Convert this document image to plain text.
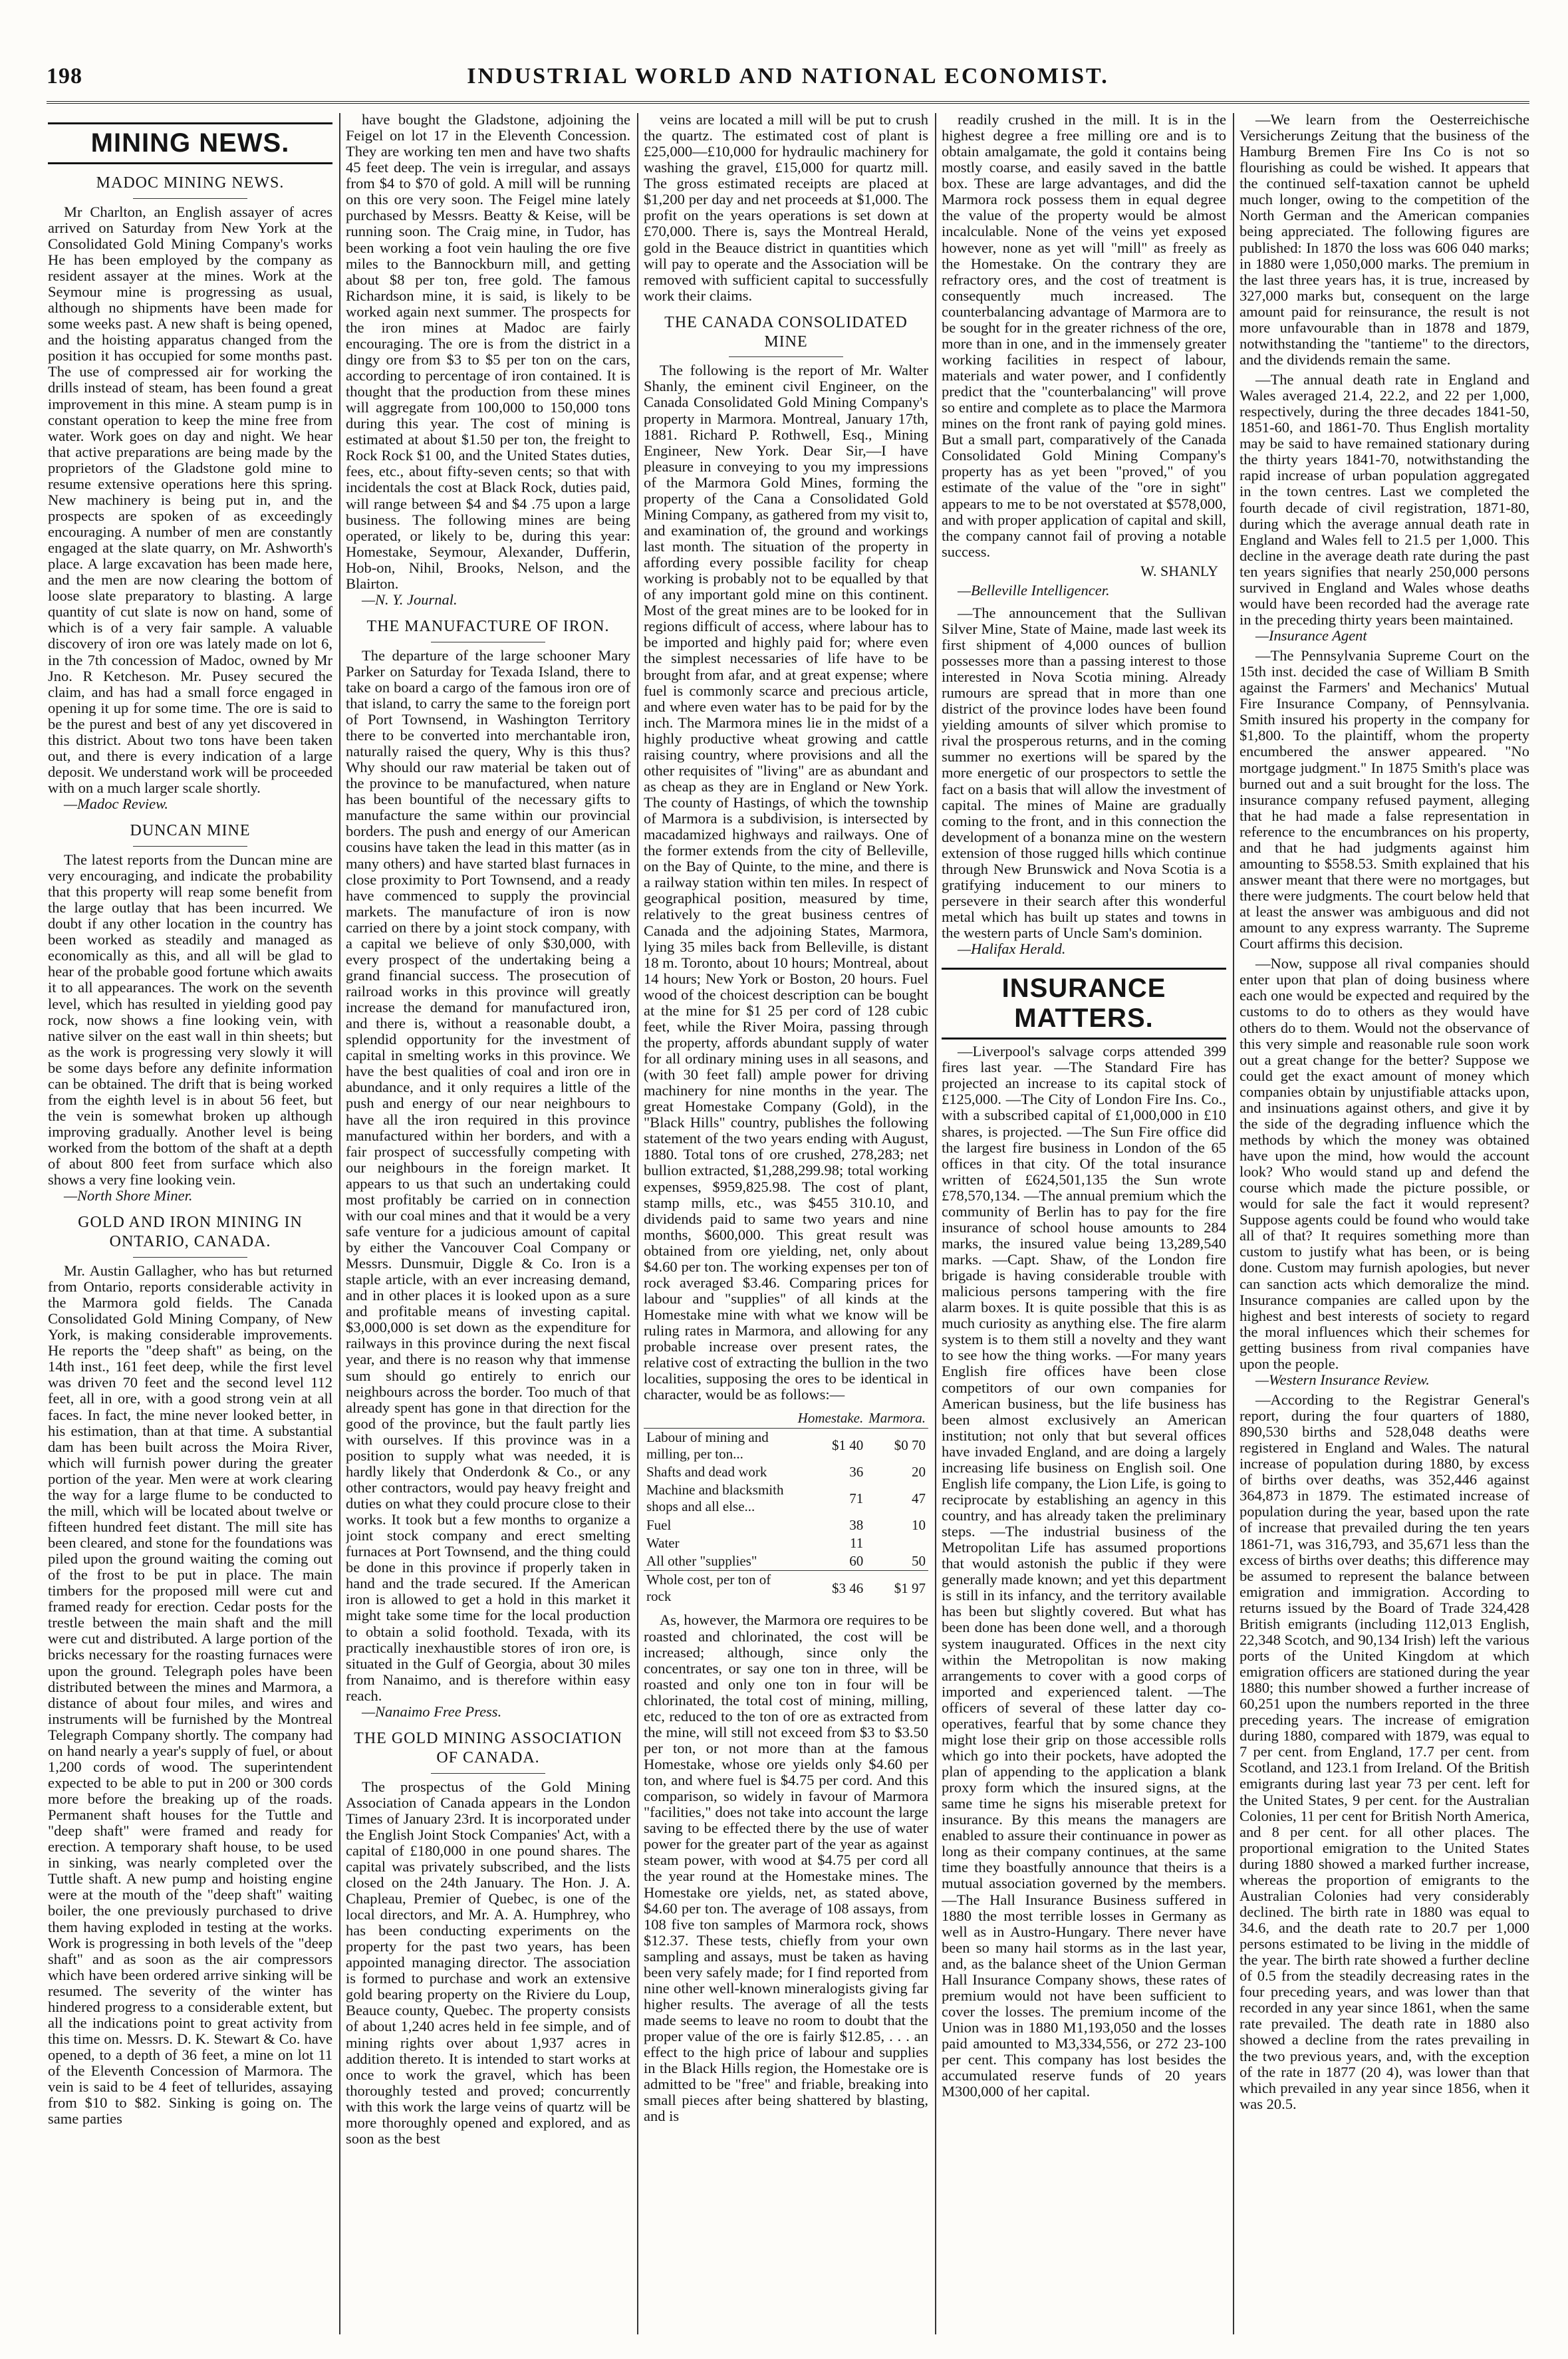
198	INDUSTRIAL WORLD AND NATIONAL ECONOMIST.
MINING NEWS.
MADOC MINING NEWS.

Mr Charlton, an English assayer of acres arrived on Saturday from New York at the Consolidated Gold Mining Company's works He has been employed by the company as resident assayer at the mines. Work at the Seymour mine is progressing as usual, although no shipments have been made for some weeks past. A new shaft is being opened, and the hoisting apparatus changed from the position it has occupied for some months past. The use of compressed air for working the drills instead of steam, has been found a great improvement in this mine. A steam pump is in constant operation to keep the mine free from water. Work goes on day and night. We hear that active preparations are being made by the proprietors of the Gladstone gold mine to resume extensive operations here this spring. New machinery is being put in, and the prospects are spoken of as exceedingly encouraging. A number of men are constantly engaged at the slate quarry, on Mr. Ashworth's place. A large excavation has been made here, and the men are now clearing the bottom of loose slate preparatory to blasting. A large quantity of cut slate is now on hand, some of which is of a very fair sample. A valuable discovery of iron ore was lately made on lot 6, in the 7th concession of Madoc, owned by Mr Jno. R Ketcheson. Mr. Pusey secured the claim, and has had a small force engaged in opening it up for some time. The ore is said to be the purest and best of any yet discovered in this district. About two tons have been taken out, and there is every indication of a large deposit. We understand work will be proceeded with on a much larger scale shortly.

—Madoc Review.

DUNCAN MINE

The latest reports from the Duncan mine are very encouraging, and indicate the probability that this property will reap some benefit from the large outlay that has been incurred. We doubt if any other location in the country has been worked as steadily and managed as economically as this, and all will be glad to hear of the probable good fortune which awaits it to all appearances. The work on the seventh level, which has resulted in yielding good pay rock, now shows a fine looking vein, with native silver on the east wall in thin sheets; but as the work is progressing very slowly it will be some days before any definite information can be obtained. The drift that is being worked from the eighth level is in about 56 feet, but the vein is somewhat broken up although improving gradually. Another level is being worked from the bottom of the shaft at a depth of about 800 feet from surface which also shows a very fine looking vein.

—North Shore Miner.

GOLD AND IRON MINING IN ONTARIO, CANADA.

Mr. Austin Gallagher, who has but returned from Ontario, reports considerable activity in the Marmora gold fields. The Canada Consolidated Gold Mining Company, of New York, is making considerable improvements. He reports the "deep shaft" as being, on the 14th inst., 161 feet deep, while the first level was driven 70 feet and the second level 112 feet, all in ore, with a good strong vein at all faces. In fact, the mine never looked better, in his estimation, than at that time. A substantial dam has been built across the Moira River, which will furnish power during the greater portion of the year. Men were at work clearing the way for a large flume to be conducted to the mill, which will be located about twelve or fifteen hundred feet distant. The mill site has been cleared, and stone for the foundations was piled upon the ground waiting the coming out of the frost to be put in place. The main timbers for the proposed mill were cut and framed ready for erection. Cedar posts for the trestle between the main shaft and the mill were cut and distributed. A large portion of the bricks necessary for the roasting furnaces were upon the ground. Telegraph poles have been distributed between the mines and Marmora, a distance of about four miles, and wires and instruments will be furnished by the Montreal Telegraph Company shortly. The company had on hand nearly a year's supply of fuel, or about 1,200 cords of wood. The superintendent expected to be able to put in 200 or 300 cords more before the breaking up of the roads. Permanent shaft houses for the Tuttle and "deep shaft" were framed and ready for erection. A temporary shaft house, to be used in sinking, was nearly completed over the Tuttle shaft. A new pump and hoisting engine were at the mouth of the "deep shaft" waiting boiler, the one previously purchased to drive them having exploded in testing at the works. Work is progressing in both levels of the "deep shaft" and as soon as the air compressors which have been ordered arrive sinking will be resumed. The severity of the winter has hindered progress to a considerable extent, but all the indications point to great activity from this time on. Messrs. D. K. Stewart & Co. have opened, to a depth of 36 feet, a mine on lot 11 of the Eleventh Concession of Marmora. The vein is said to be 4 feet of tellurides, assaying from $10 to $82. Sinking is going on. The same parties

have bought the Gladstone, adjoining the Feigel on lot 17 in the Eleventh Concession. They are working ten men and have two shafts 45 feet deep. The vein is irregular, and assays from $4 to $70 of gold. A mill will be running on this ore very soon. The Feigel mine lately purchased by Messrs. Beatty & Keise, will be running soon. The Craig mine, in Tudor, has been working a foot vein hauling the ore five miles to the Bannockburn mill, and getting about $8 per ton, free gold. The famous Richardson mine, it is said, is likely to be worked again next summer. The prospects for the iron mines at Madoc are fairly encouraging. The ore is from the district in a dingy ore from $3 to $5 per ton on the cars, according to percentage of iron contained. It is thought that the production from these mines will aggregate from 100,000 to 150,000 tons during this year. The cost of mining is estimated at about $1.50 per ton, the freight to Rock Rock $1 00, and the United States duties, fees, etc., about fifty-seven cents; so that with incidentals the cost at Black Rock, duties paid, will range between $4 and $4 .75 upon a large business. The following mines are being operated, or likely to be, during this year: Homestake, Seymour, Alexander, Dufferin, Hob-on, Nihil, Brooks, Nelson, and the Blairton.

—N. Y. Journal.

THE MANUFACTURE OF IRON.

The departure of the large schooner Mary Parker on Saturday for Texada Island, there to take on board a cargo of the famous iron ore of that island, to carry the same to the foreign port of Port Townsend, in Washington Territory there to be converted into merchantable iron, naturally raised the query, Why is this thus? Why should our raw material be taken out of the province to be manufactured, when nature has been bountiful of the necessary gifts to manufacture the same within our provincial borders. The push and energy of our American cousins have taken the lead in this matter (as in many others) and have started blast furnaces in close proximity to Port Townsend, and a ready have commenced to supply the provincial markets. The manufacture of iron is now carried on there by a joint stock company, with a capital we believe of only $30,000, with every prospect of the undertaking being a grand financial success. The prosecution of railroad works in this province will greatly increase the demand for manufactured iron, and there is, without a reasonable doubt, a splendid opportunity for the investment of capital in smelting works in this province. We have the best qualities of coal and iron ore in abundance, and it only requires a little of the push and energy of our near neighbours to have all the iron required in this province manufactured within her borders, and with a fair prospect of successfully competing with our neighbours in the foreign market. It appears to us that such an undertaking could most profitably be carried on in connection with our coal mines and that it would be a very safe venture for a judicious amount of capital by either the Vancouver Coal Company or Messrs. Dunsmuir, Diggle & Co. Iron is a staple article, with an ever increasing demand, and in other places it is looked upon as a sure and profitable means of investing capital. $3,000,000 is set down as the expenditure for railways in this province during the next fiscal year, and there is no reason why that immense sum should go entirely to enrich our neighbours across the border. Too much of that already spent has gone in that direction for the good of the province, but the fault partly lies with ourselves. If this province was in a position to supply what was needed, it is hardly likely that Onderdonk & Co., or any other contractors, would pay heavy freight and duties on what they could procure close to their works. It took but a few months to organize a joint stock company and erect smelting furnaces at Port Townsend, and the thing could be done in this province if properly taken in hand and the trade secured. If the American iron is allowed to get a hold in this market it might take some time for the local production to obtain a solid foothold. Texada, with its practically inexhaustible stores of iron ore, is situated in the Gulf of Georgia, about 30 miles from Nanaimo, and is therefore within easy reach.

—Nanaimo Free Press.

THE GOLD MINING ASSOCIATION OF CANADA.

The prospectus of the Gold Mining Association of Canada appears in the London Times of January 23rd. It is incorporated under the English Joint Stock Companies' Act, with a capital of £180,000 in one pound shares. The capital was privately subscribed, and the lists closed on the 24th January. The Hon. J. A. Chapleau, Premier of Quebec, is one of the local directors, and Mr. A. A. Humphrey, who has been conducting experiments on the property for the past two years, has been appointed managing director. The association is formed to purchase and work an extensive gold bearing property on the Riviere du Loup, Beauce county, Quebec. The property consists of about 1,240 acres held in fee simple, and of mining rights over about 1,937 acres in addition thereto. It is intended to start works at once to work the gravel, which has been thoroughly tested and proved; concurrently with this work the large veins of quartz will be more thoroughly opened and explored, and as soon as the best

veins are located a mill will be put to crush the quartz. The estimated cost of plant is £25,000—£10,000 for hydraulic machinery for washing the gravel, £15,000 for quartz mill. The gross estimated receipts are placed at $1,200 per day and net proceeds at $1,000. The profit on the years operations is set down at £70,000. There is, says the Montreal Herald, gold in the Beauce district in quantities which will pay to operate and the Association will be removed with sufficient capital to successfully work their claims.

THE CANADA CONSOLIDATED MINE

The following is the report of Mr. Walter Shanly, the eminent civil Engineer, on the Canada Consolidated Gold Mining Company's property in Marmora. Montreal, January 17th, 1881. Richard P. Rothwell, Esq., Mining Engineer, New York. Dear Sir,—I have pleasure in conveying to you my impressions of the Marmora Gold Mines, forming the property of the Cana a Consolidated Gold Mining Company, as gathered from my visit to, and examination of, the ground and workings last month. The situation of the property in affording every possible facility for cheap working is probably not to be equalled by that of any important gold mine on this continent. Most of the great mines are to be looked for in regions difficult of access, where labour has to be imported and highly paid for; where even the simplest necessaries of life have to be brought from afar, and at great expense; where fuel is commonly scarce and precious article, and where even water has to be paid for by the inch. The Marmora mines lie in the midst of a highly productive wheat growing and cattle raising country, where provisions and all the other requisites of "living" are as abundant and as cheap as they are in England or New York. The county of Hastings, of which the township of Marmora is a subdivision, is intersected by macadamized highways and railways. One of the former extends from the city of Belleville, on the Bay of Quinte, to the mine, and there is a railway station within ten miles. In respect of geographical position, measured by time, relatively to the great business centres of Canada and the adjoining States, Marmora, lying 35 miles back from Belleville, is distant 18 m. Toronto, about 10 hours; Montreal, about 14 hours; New York or Boston, 20 hours. Fuel wood of the choicest description can be bought at the mine for $1 25 per cord of 128 cubic feet, while the River Moira, passing through the property, affords abundant supply of water for all ordinary mining uses in all seasons, and (with 30 feet fall) ample power for driving machinery for nine months in the year. The great Homestake Company (Gold), in the "Black Hills" country, publishes the following statement of the two years ending with August, 1880. Total tons of ore crushed, 278,283; net bullion extracted, $1,288,299.98; total working expenses, $959,825.98. The cost of plant, stamp mills, etc., was $455 310.10, and dividends paid to same two years and nine months, $600,000. This great result was obtained from ore yielding, net, only about $4.60 per ton. The working expenses per ton of rock averaged $3.46. Comparing prices for labour and "supplies" of all kinds at the Homestake mine with what we know will be ruling rates in Marmora, and allowing for any probable increase over present rates, the relative cost of extracting the bullion in the two localities, supposing the ores to be identical in character, would be as follows:—

	Homestake.	Marmora.
Labour of mining and milling, per ton...	$1 40	$0 70
Shafts and dead work	36	20
Machine and blacksmith shops and all else...	71	47
Fuel	38	10
Water	11	
All other "supplies"	60	50
Whole cost, per ton of rock	$3 46	$1 97

As, however, the Marmora ore requires to be roasted and chlorinated, the cost will be increased; although, since only the concentrates, or say one ton in three, will be roasted and only one ton in four will be chlorinated, the total cost of mining, milling, etc, reduced to the ton of ore as extracted from the mine, will still not exceed from $3 to $3.50 per ton, or not more than at the famous Homestake, whose ore yields only $4.60 per ton, and where fuel is $4.75 per cord. And this comparison, so widely in favour of Marmora "facilities," does not take into account the large saving to be effected there by the use of water power for the greater part of the year as against steam power, with wood at $4.75 per cord all the year round at the Homestake mines. The Homestake ore yields, net, as stated above, $4.60 per ton. The average of 108 assays, from 108 five ton samples of Marmora rock, shows $12.37. These tests, chiefly from your own sampling and assays, must be taken as having been very safely made; for I find reported from nine other well-known mineralogists giving far higher results. The average of all the tests made seems to leave no room to doubt that the proper value of the ore is fairly $12.85, . . . an effect to the high price of labour and supplies in the Black Hills region, the Homestake ore is admitted to be "free" and friable, breaking into small pieces after being shattered by blasting, and is

readily crushed in the mill. It is in the highest degree a free milling ore and is to obtain amalgamate, the gold it contains being mostly coarse, and easily saved in the battle box. These are large advantages, and did the Marmora rock possess them in equal degree the value of the property would be almost incalculable. None of the veins yet exposed however, none as yet will "mill" as freely as the Homestake. On the contrary they are refractory ores, and the cost of treatment is consequently much increased. The counterbalancing advantage of Marmora are to be sought for in the greater richness of the ore, more than in one, and in the immensely greater working facilities in respect of labour, materials and water power, and I confidently predict that the "counterbalancing" will prove so entire and complete as to place the Marmora mines on the front rank of paying gold mines. But a small part, comparatively of the Canada Consolidated Gold Mining Company's property has as yet been "proved," of you estimate of the value of the "ore in sight" appears to me to be not overstated at $578,000, and with proper application of capital and skill, the company cannot fail of proving a notable success.

W. SHANLY

—Belleville Intelligencer.

—The announcement that the Sullivan Silver Mine, State of Maine, made last week its first shipment of 4,000 ounces of bullion possesses more than a passing interest to those interested in Nova Scotia mining. Already rumours are spread that in more than one district of the province lodes have been found yielding amounts of silver which promise to rival the prosperous returns, and in the coming summer no exertions will be spared by the more energetic of our prospectors to settle the fact on a basis that will allow the investment of capital. The mines of Maine are gradually coming to the front, and in this connection the development of a bonanza mine on the western extension of those rugged hills which continue through New Brunswick and Nova Scotia is a gratifying inducement to our miners to persevere in their search after this wonderful metal which has built up states and towns in the western parts of Uncle Sam's dominion.

—Halifax Herald.

INSURANCE MATTERS.

—Liverpool's salvage corps attended 399 fires last year. —The Standard Fire has projected an increase to its capital stock of £125,000. —The City of London Fire Ins. Co., with a subscribed capital of £1,000,000 in £10 shares, is projected. —The Sun Fire office did the largest fire business in London of the 65 offices in that city. Of the total insurance written of £624,501,135 the Sun wrote £78,570,134. —The annual premium which the community of Berlin has to pay for the fire insurance of school house amounts to 284 marks, the insured value being 13,289,540 marks. —Capt. Shaw, of the London fire brigade is having considerable trouble with malicious persons tampering with the fire alarm boxes. It is quite possible that this is as much curiosity as anything else. The fire alarm system is to them still a novelty and they want to see how the thing works. —For many years English fire offices have been close competitors of our own companies for American business, but the life business has been almost exclusively an American institution; not only that but several offices have invaded England, and are doing a largely increasing life business on English soil. One English life company, the Lion Life, is going to reciprocate by establishing an agency in this country, and has already taken the preliminary steps. —The industrial business of the Metropolitan Life has assumed proportions that would astonish the public if they were generally made known; and yet this department is still in its infancy, and the territory available has been but slightly covered. But what has been done has been done well, and a thorough system inaugurated. Offices in the next city within the Metropolitan is now making arrangements to cover with a good corps of imported and experienced talent. —The officers of several of these latter day co-operatives, fearful that by some chance they might lose their grip on those accessible rolls which go into their pockets, have adopted the plan of appending to the application a blank proxy form which the insured signs, at the same time he signs his miserable pretext for insurance. By this means the managers are enabled to assure their continuance in power as long as their company continues, at the same time they boastfully announce that theirs is a mutual association governed by the members. —The Hall Insurance Business suffered in 1880 the most terrible losses in Germany as well as in Austro-Hungary. There never have been so many hail storms as in the last year, and, as the balance sheet of the Union German Hall Insurance Company shows, these rates of premium would not have been sufficient to cover the losses. The premium income of the Union was in 1880 M1,193,050 and the losses paid amounted to M3,334,556, or 272 23-100 per cent. This company has lost besides the accumulated reserve funds of 20 years M300,000 of her capital.

—We learn from the Oesterreichische Versicherungs Zeitung that the business of the Hamburg Bremen Fire Ins Co is not so flourishing as could be wished. It appears that the continued self-taxation cannot be upheld much longer, owing to the competition of the North German and the American companies being appreciated. The following figures are published: In 1870 the loss was 606 040 marks; in 1880 were 1,050,000 marks. The premium in the last three years has, it is true, increased by 327,000 marks but, consequent on the large amount paid for reinsurance, the result is not more unfavourable than in 1878 and 1879, notwithstanding the "tantieme" to the directors, and the dividends remain the same.

—The annual death rate in England and Wales averaged 21.4, 22.2, and 22 per 1,000, respectively, during the three decades 1841-50, 1851-60, and 1861-70. Thus English mortality may be said to have remained stationary during the thirty years 1841-70, notwithstanding the rapid increase of urban population aggregated in the town centres. Last we completed the fourth decade of civil registration, 1871-80, during which the average annual death rate in England and Wales fell to 21.5 per 1,000. This decline in the average death rate during the past ten years signifies that nearly 250,000 persons survived in England and Wales whose deaths would have been recorded had the average rate in the preceding thirty years been maintained.

—Insurance Agent

—The Pennsylvania Supreme Court on the 15th inst. decided the case of William B Smith against the Farmers' and Mechanics' Mutual Fire Insurance Company, of Pennsylvania. Smith insured his property in the company for $1,800. To the plaintiff, whom the property encumbered the answer appeared. "No mortgage judgment." In 1875 Smith's place was burned out and a suit brought for the loss. The insurance company refused payment, alleging that he had made a false representation in reference to the encumbrances on his property, and that he had judgments against him amounting to $558.53. Smith explained that his answer meant that there were no mortgages, but there were judgments. The court below held that at least the answer was ambiguous and did not amount to any express warranty. The Supreme Court affirms this decision.

—Now, suppose all rival companies should enter upon that plan of doing business where each one would be expected and required by the customs to do to others as they would have others do to them. Would not the observance of this very simple and reasonable rule soon work out a great change for the better? Suppose we could get the exact amount of money which companies obtain by unjustifiable attacks upon, and insinuations against others, and give it by the side of the degrading influence which the methods by which the money was obtained have upon the mind, how would the account look? Who would stand up and defend the course which made the picture possible, or would for sale the fact it would represent? Suppose agents could be found who would take all of that? It requires something more than custom to justify what has been, or is being done. Custom may furnish apologies, but never can sanction acts which demoralize the mind. Insurance companies are called upon by the highest and best interests of society to regard the moral influences which their schemes for getting business from rival companies have upon the people.

—Western Insurance Review.

—According to the Registrar General's report, during the four quarters of 1880, 890,530 births and 528,048 deaths were registered in England and Wales. The natural increase of population during 1880, by excess of births over deaths, was 352,446 against 364,873 in 1879. The estimated increase of population during the year, based upon the rate of increase that prevailed during the ten years 1861-71, was 316,793, and 35,671 less than the excess of births over deaths; this difference may be assumed to represent the balance between emigration and immigration. According to returns issued by the Board of Trade 324,428 British emigrants (including 112,013 English, 22,348 Scotch, and 90,134 Irish) left the various ports of the United Kingdom at which emigration officers are stationed during the year 1880; this number showed a further increase of 60,251 upon the numbers reported in the three preceding years. The increase of emigration during 1880, compared with 1879, was equal to 7 per cent. from England, 17.7 per cent. from Scotland, and 123.1 from Ireland. Of the British emigrants during last year 73 per cent. left for the United States, 9 per cent. for the Australian Colonies, 11 per cent for British North America, and 8 per cent. for all other places. The proportional emigration to the United States during 1880 showed a marked further increase, whereas the proportion of emigrants to the Australian Colonies had very considerably declined. The birth rate in 1880 was equal to 34.6, and the death rate to 20.7 per 1,000 persons estimated to be living in the middle of the year. The birth rate showed a further decline of 0.5 from the steadily decreasing rates in the four preceding years, and was lower than that recorded in any year since 1861, when the same rate prevailed. The death rate in 1880 also showed a decline from the rates prevailing in the two previous years, and, with the exception of the rate in 1877 (20 4), was lower than that which prevailed in any year since 1856, when it was 20.5.
